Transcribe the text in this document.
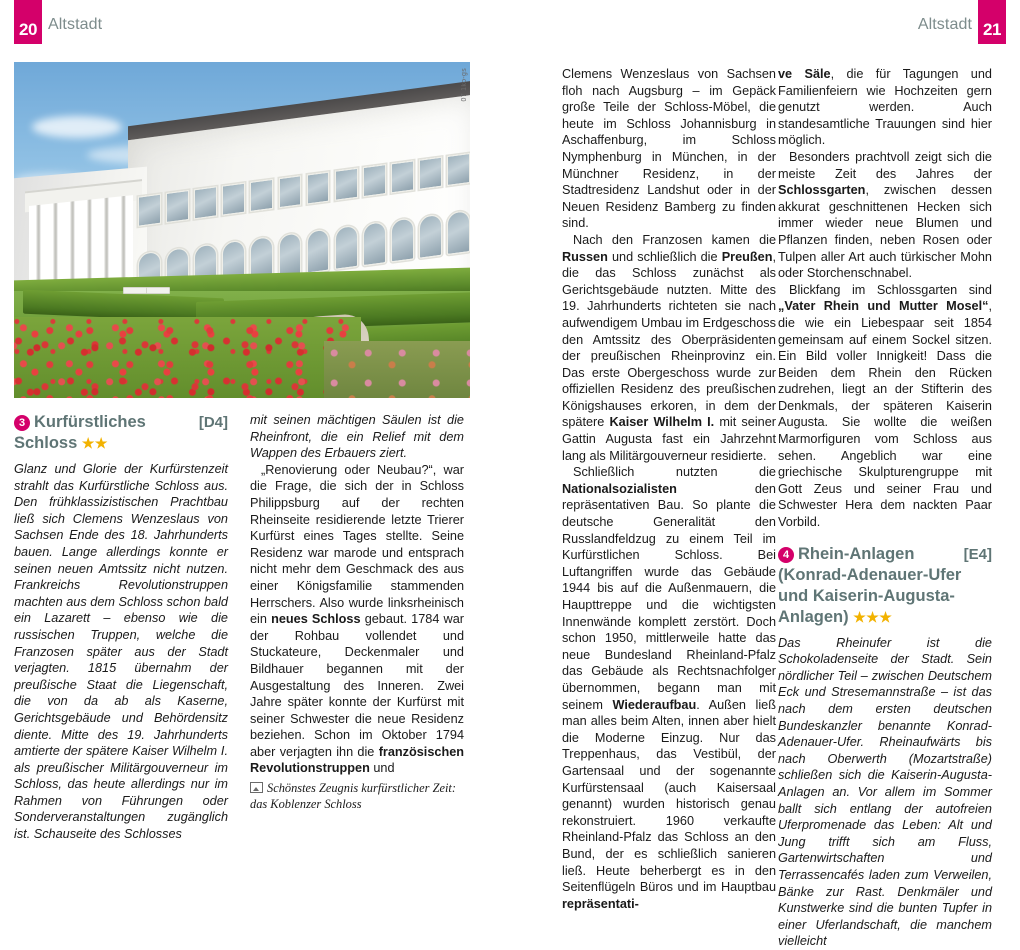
20 Altstadt	Altstadt 21
07 1ko-gs
[D4]
3 Kurfürstliches Schloss ★★

Glanz und Glorie der Kurfürstenzeit strahlt das Kurfürstliche Schloss aus. Den frühklassizistischen Prachtbau ließ sich Clemens Wenzeslaus von Sachsen Ende des 18. Jahrhunderts bauen. Lange allerdings konnte er seinen neuen Amtssitz nicht nutzen. Frankreichs Revolutionstruppen machten aus dem Schloss schon bald ein Lazarett – ebenso wie die russischen Truppen, welche die Franzosen später aus der Stadt verjagten. 1815 übernahm der preußische Staat die Liegenschaft, die von da ab als Kaserne, Gerichtsgebäude und Behördensitz diente. Mitte des 19. Jahrhunderts amtierte der spätere Kaiser Wilhelm I. als preußischer Militärgouverneur im Schloss, das heute allerdings nur im Rahmen von Führungen oder Sonderveranstaltungen zugänglich ist. Schauseite des Schlosses

mit seinen mächtigen Säulen ist die Rheinfront, die ein Relief mit dem Wappen des Erbauers ziert.

„Renovierung oder Neubau?“, war die Frage, die sich der in Schloss Philippsburg auf der rechten Rheinseite residierende letzte Trierer Kurfürst eines Tages stellte. Seine Residenz war marode und entsprach nicht mehr dem Geschmack des aus einer Königsfamilie stammenden Herrschers. Also wurde linksrheinisch ein neues Schloss gebaut. 1784 war der Rohbau vollendet und Stuckateure, Deckenmaler und Bildhauer begannen mit der Ausgestaltung des Inneren. Zwei Jahre später konnte der Kurfürst mit seiner Schwester die neue Residenz beziehen. Schon im Oktober 1794 aber verjagten ihn die französischen Revolutionstruppen und

Schönstes Zeugnis kurfürstlicher Zeit: das Koblenzer Schloss

Clemens Wenzeslaus von Sachsen floh nach Augsburg – im Gepäck große Teile der Schloss-Möbel, die heute im Schloss Johannisburg in Aschaffenburg, im Schloss Nymphenburg in München, in der Münchner Residenz, in der Stadtresidenz Landshut oder in der Neuen Residenz Bamberg zu finden sind.

Nach den Franzosen kamen die Russen und schließlich die Preußen, die das Schloss zunächst als Gerichtsgebäude nutzten. Mitte des 19. Jahrhunderts richteten sie nach aufwendigem Umbau im Erdgeschoss den Amtssitz des Oberpräsidenten der preußischen Rheinprovinz ein. Das erste Obergeschoss wurde zur offiziellen Residenz des preußischen Königshauses erkoren, in dem der spätere Kaiser Wilhelm I. mit seiner Gattin Augusta fast ein Jahrzehnt lang als Militärgouverneur residierte.

Schließlich nutzten die Nationalsozialisten den repräsentativen Bau. So plante die deutsche Generalität den Russlandfeldzug zu einem Teil im Kurfürstlichen Schloss. Bei Luftangriffen wurde das Gebäude 1944 bis auf die Außenmauern, die Haupttreppe und die wichtigsten Innenwände komplett zerstört. Doch schon 1950, mittlerweile hatte das neue Bundesland Rheinland-Pfalz das Gebäude als Rechtsnachfolger übernommen, begann man mit seinem Wiederaufbau. Außen ließ man alles beim Alten, innen aber hielt die Moderne Einzug. Nur das Treppenhaus, das Vestibül, der Gartensaal und der sogenannte Kurfürstensaal (auch Kaisersaal genannt) wurden historisch genau rekonstruiert. 1960 verkaufte Rheinland-Pfalz das Schloss an den Bund, der es schließlich sanieren ließ. Heute beherbergt es in den Seitenflügeln Büros und im Hauptbau repräsentati-

ve Säle, die für Tagungen und Familienfeiern wie Hochzeiten gern genutzt werden. Auch standesamtliche Trauungen sind hier möglich.

Besonders prachtvoll zeigt sich die meiste Zeit des Jahres der Schlossgarten, zwischen dessen akkurat geschnittenen Hecken sich immer wieder neue Blumen und Pflanzen finden, neben Rosen oder Tulpen aller Art auch türkischer Mohn oder Storchenschnabel.

Blickfang im Schlossgarten sind „Vater Rhein und Mutter Mosel“, die wie ein Liebespaar seit 1854 gemeinsam auf einem Sockel sitzen. Ein Bild voller Innigkeit! Dass die Beiden dem Rhein den Rücken zudrehen, liegt an der Stifterin des Denkmals, der späteren Kaiserin Augusta. Sie wollte die weißen Marmorfiguren vom Schloss aus sehen. Angeblich war eine griechische Skulpturengruppe mit Gott Zeus und seiner Frau und Schwester Hera dem nackten Paar Vorbild.

[E4]
4 Rhein-Anlagen (Konrad-Adenauer-Ufer und Kaiserin-Augusta-Anlagen) ★★★

Das Rheinufer ist die Schokoladenseite der Stadt. Sein nördlicher Teil – zwischen Deutschem Eck und Stresemannstraße – ist das nach dem ersten deutschen Bundeskanzler benannte Konrad-Adenauer-Ufer. Rheinaufwärts bis nach Oberwerth (Mozartstraße) schließen sich die Kaiserin-Augusta-Anlagen an. Vor allem im Sommer ballt sich entlang der autofreien Uferpromenade das Leben: Alt und Jung trifft sich am Fluss, Gartenwirtschaften und Terrassencafés laden zum Verweilen, Bänke zur Rast. Denkmäler und Kunstwerke sind die bunten Tupfer in einer Uferlandschaft, die manchem vielleicht
